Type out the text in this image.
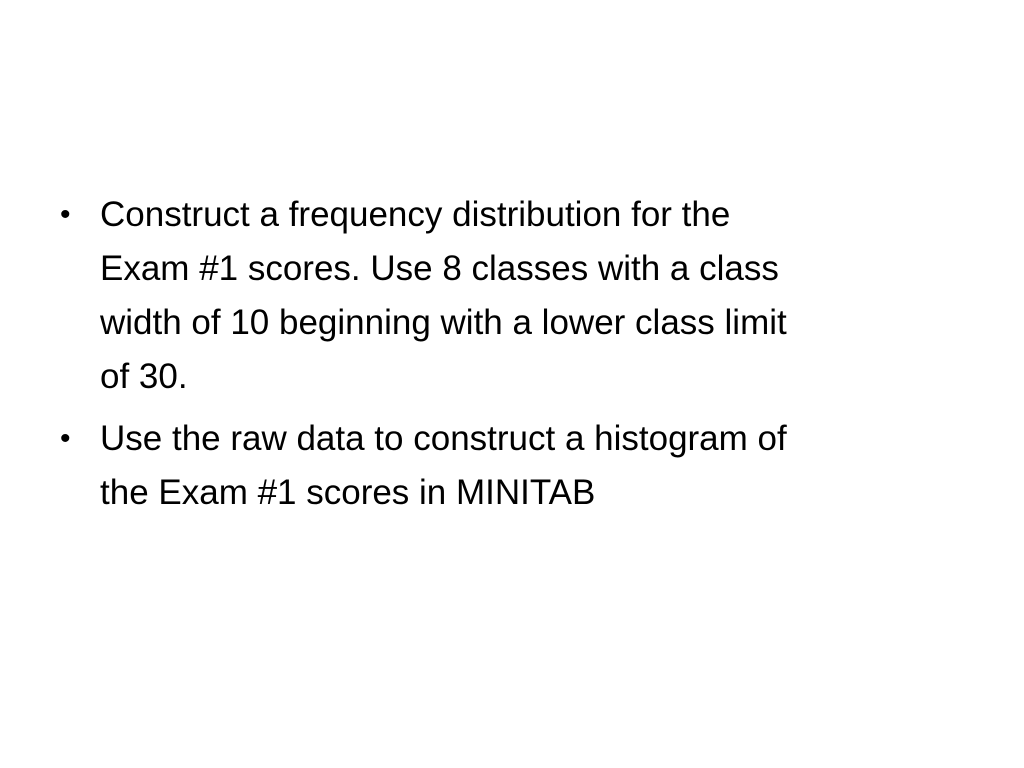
• Construct a frequency distribution for the
Exam #1 scores. Use 8 classes with a class
width of 10 beginning with a lower class limit
of 30.
• Use the raw data to construct a histogram of
the Exam #1 scores in MINITAB
